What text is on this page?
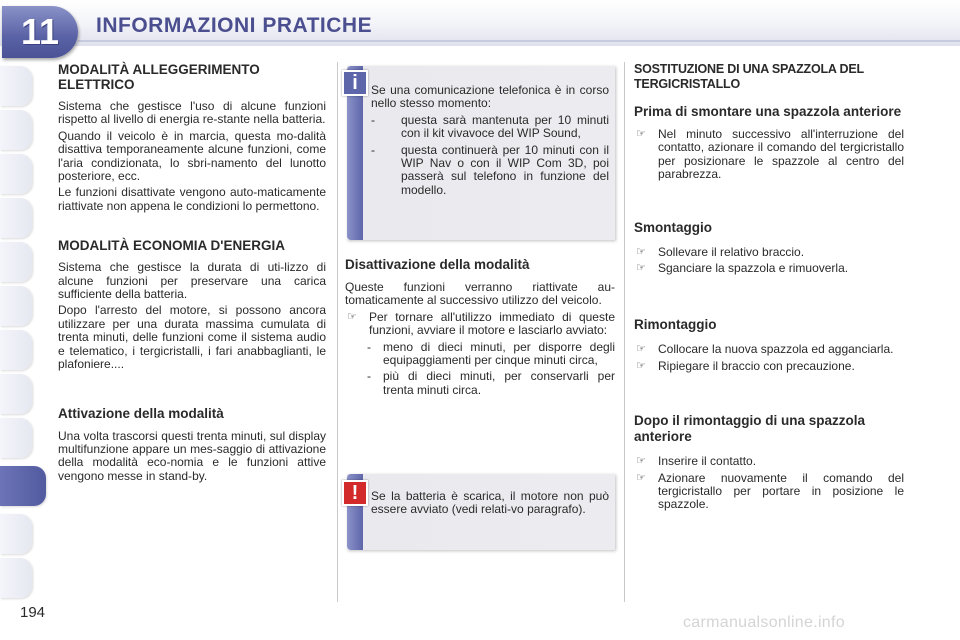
11	INFORMAZIONI PRATICHE
MODALITÀ ALLEGGERIMENTO ELETTRICO

Sistema che gestisce l'uso di alcune funzioni rispetto al livello di energia re-stante nella batteria.

Quando il veicolo è in marcia, questa mo-dalità disattiva temporaneamente alcune funzioni, come l'aria condizionata, lo sbri-namento del lunotto posteriore, ecc.

Le funzioni disattivate vengono auto-maticamente riattivate non appena le condizioni lo permettono.

MODALITÀ ECONOMIA D'ENERGIA

Sistema che gestisce la durata di uti-lizzo di alcune funzioni per preservare una carica sufficiente della batteria.

Dopo l'arresto del motore, si possono ancora utilizzare per una durata massima cumulata di trenta minuti, delle funzioni come il sistema audio e telematico, i tergicristalli, i fari anabbaglianti, le plafoniere....

Attivazione della modalità

Una volta trascorsi questi trenta minuti, sul display multifunzione appare un mes-saggio di attivazione della modalità eco-nomia e le funzioni attive vengono messe in stand-by.

Se una comunicazione telefonica è in corso nello stesso momento:

- questa sarà mantenuta per 10 minuti con il kit vivavoce del WIP Sound,

- questa continuerà per 10 minuti con il WIP Nav o con il WIP Com 3D, poi passerà sul telefono in funzione del modello.

i
Disattivazione della modalità

Queste funzioni verranno riattivate au-tomaticamente al successivo utilizzo del veicolo.

☞ Per tornare all'utilizzo immediato di queste funzioni, avviare il motore e lasciarlo avviato:

- meno di dieci minuti, per disporre degli equipaggiamenti per cinque minuti circa,

- più di dieci minuti, per conservarli per trenta minuti circa.

Se la batteria è scarica, il motore non può essere avviato (vedi relati-vo paragrafo).

!
SOSTITUZIONE DI UNA SPAZZOLA DEL TERGICRISTALLO
Prima di smontare una spazzola anteriore

☞ Nel minuto successivo all'interruzione del contatto, azionare il comando del tergicristallo per posizionare le spazzole al centro del parabrezza.

Smontaggio

☞ Sollevare il relativo braccio.

☞ Sganciare la spazzola e rimuoverla.

Rimontaggio

☞ Collocare la nuova spazzola ed agganciarla.

☞ Ripiegare il braccio con precauzione.

Dopo il rimontaggio di una spazzola anteriore

☞ Inserire il contatto.

☞ Azionare nuovamente il comando del tergicristallo per portare in posizione le spazzole.

194
carmanualsonline.info
